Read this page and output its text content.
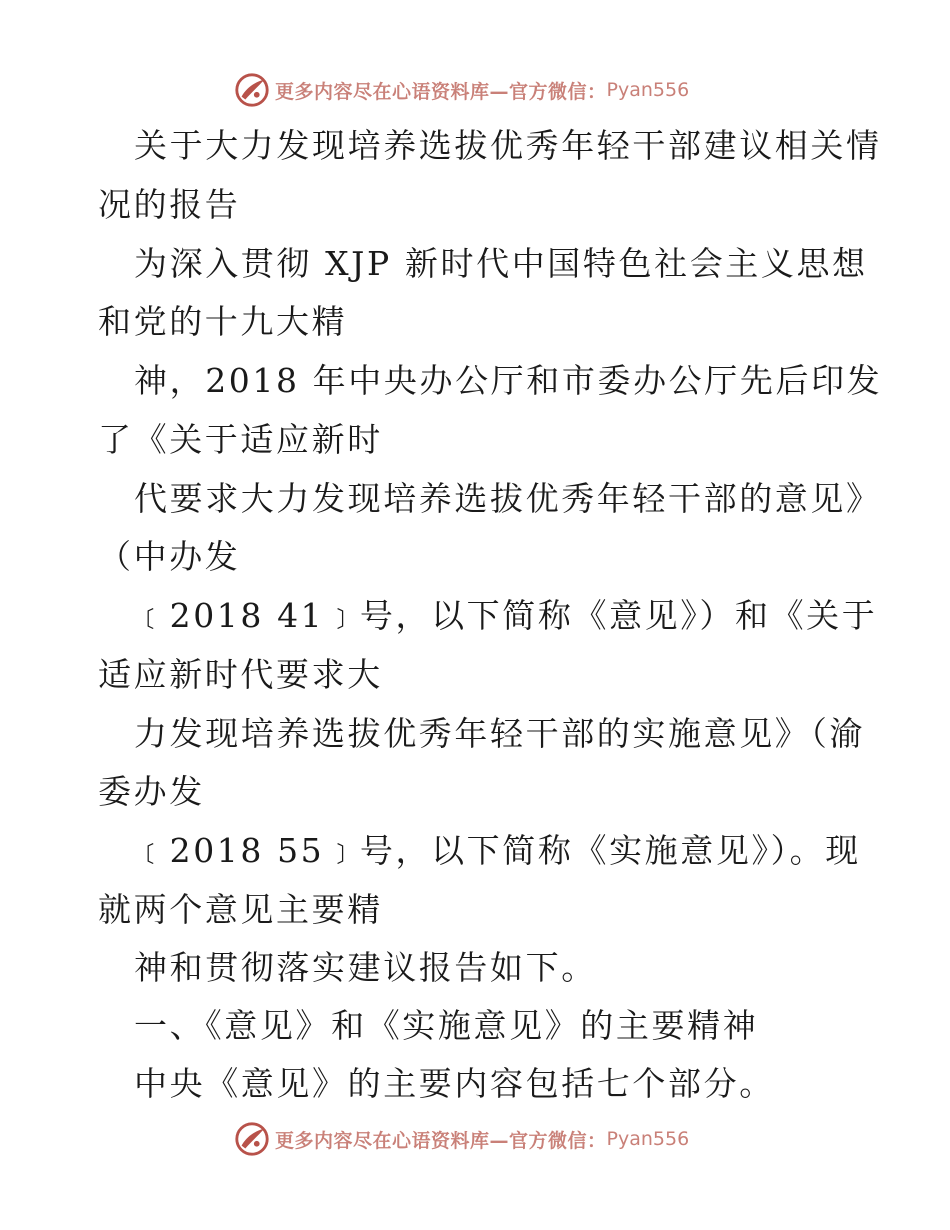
更多内容尽在心语资料库—官方微信： Pyan556
关于大力发现培养选拔优秀年轻干部建议相关情
况的报告
为深入贯彻 XJP 新时代中国特色社会主义思想
和党的十九大精
神，2018 年中央办公厅和市委办公厅先后印发
了《关于适应新时
代要求大力发现培养选拔优秀年轻干部的意见》
（中办发
﹝2018 41﹞号，以下简称《意见》）和《关于
适应新时代要求大
力发现培养选拔优秀年轻干部的实施意见》（渝
委办发
﹝2018 55﹞号，以下简称《实施意见》）。现
就两个意见主要精
神和贯彻落实建议报告如下。
一、《意见》和《实施意见》的主要精神
中央《意见》的主要内容包括七个部分。
更多内容尽在心语资料库—官方微信： Pyan556
